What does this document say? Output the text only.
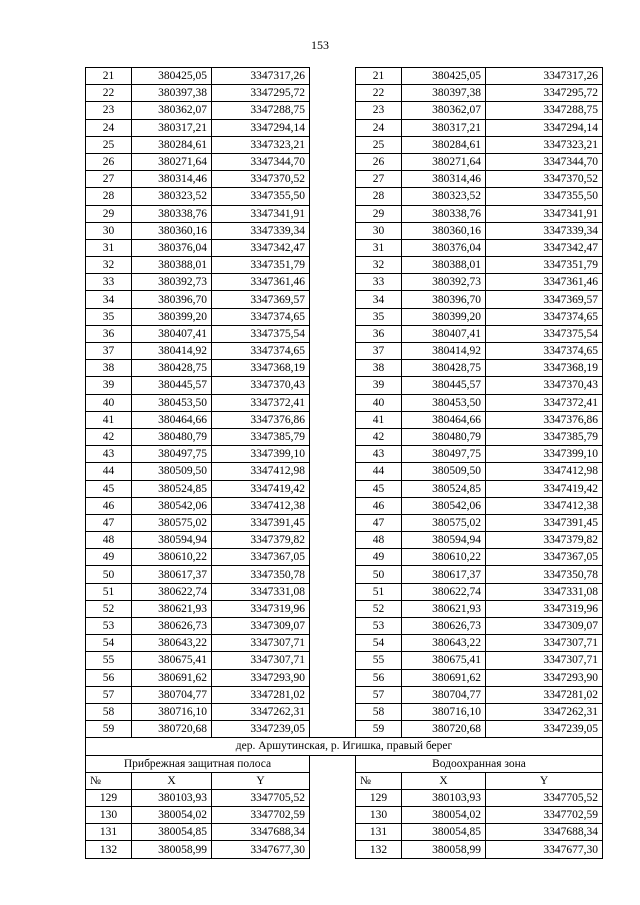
153
21	380425,05	3347317,26		21	380425,05	3347317,26
22	380397,38	3347295,72		22	380397,38	3347295,72
23	380362,07	3347288,75		23	380362,07	3347288,75
24	380317,21	3347294,14		24	380317,21	3347294,14
25	380284,61	3347323,21		25	380284,61	3347323,21
26	380271,64	3347344,70		26	380271,64	3347344,70
27	380314,46	3347370,52		27	380314,46	3347370,52
28	380323,52	3347355,50		28	380323,52	3347355,50
29	380338,76	3347341,91		29	380338,76	3347341,91
30	380360,16	3347339,34		30	380360,16	3347339,34
31	380376,04	3347342,47		31	380376,04	3347342,47
32	380388,01	3347351,79		32	380388,01	3347351,79
33	380392,73	3347361,46		33	380392,73	3347361,46
34	380396,70	3347369,57		34	380396,70	3347369,57
35	380399,20	3347374,65		35	380399,20	3347374,65
36	380407,41	3347375,54		36	380407,41	3347375,54
37	380414,92	3347374,65		37	380414,92	3347374,65
38	380428,75	3347368,19		38	380428,75	3347368,19
39	380445,57	3347370,43		39	380445,57	3347370,43
40	380453,50	3347372,41		40	380453,50	3347372,41
41	380464,66	3347376,86		41	380464,66	3347376,86
42	380480,79	3347385,79		42	380480,79	3347385,79
43	380497,75	3347399,10		43	380497,75	3347399,10
44	380509,50	3347412,98		44	380509,50	3347412,98
45	380524,85	3347419,42		45	380524,85	3347419,42
46	380542,06	3347412,38		46	380542,06	3347412,38
47	380575,02	3347391,45		47	380575,02	3347391,45
48	380594,94	3347379,82		48	380594,94	3347379,82
49	380610,22	3347367,05		49	380610,22	3347367,05
50	380617,37	3347350,78		50	380617,37	3347350,78
51	380622,74	3347331,08		51	380622,74	3347331,08
52	380621,93	3347319,96		52	380621,93	3347319,96
53	380626,73	3347309,07		53	380626,73	3347309,07
54	380643,22	3347307,71		54	380643,22	3347307,71
55	380675,41	3347307,71		55	380675,41	3347307,71
56	380691,62	3347293,90		56	380691,62	3347293,90
57	380704,77	3347281,02		57	380704,77	3347281,02
58	380716,10	3347262,31		58	380716,10	3347262,31
59	380720,68	3347239,05		59	380720,68	3347239,05
дер. Аршутинская, р. Игишка, правый берег						
Прибрежная защитная полоса				Водоохранная зона		
№	X	Y		№	X	Y
129	380103,93	3347705,52		129	380103,93	3347705,52
130	380054,02	3347702,59		130	380054,02	3347702,59
131	380054,85	3347688,34		131	380054,85	3347688,34
132	380058,99	3347677,30		132	380058,99	3347677,30
